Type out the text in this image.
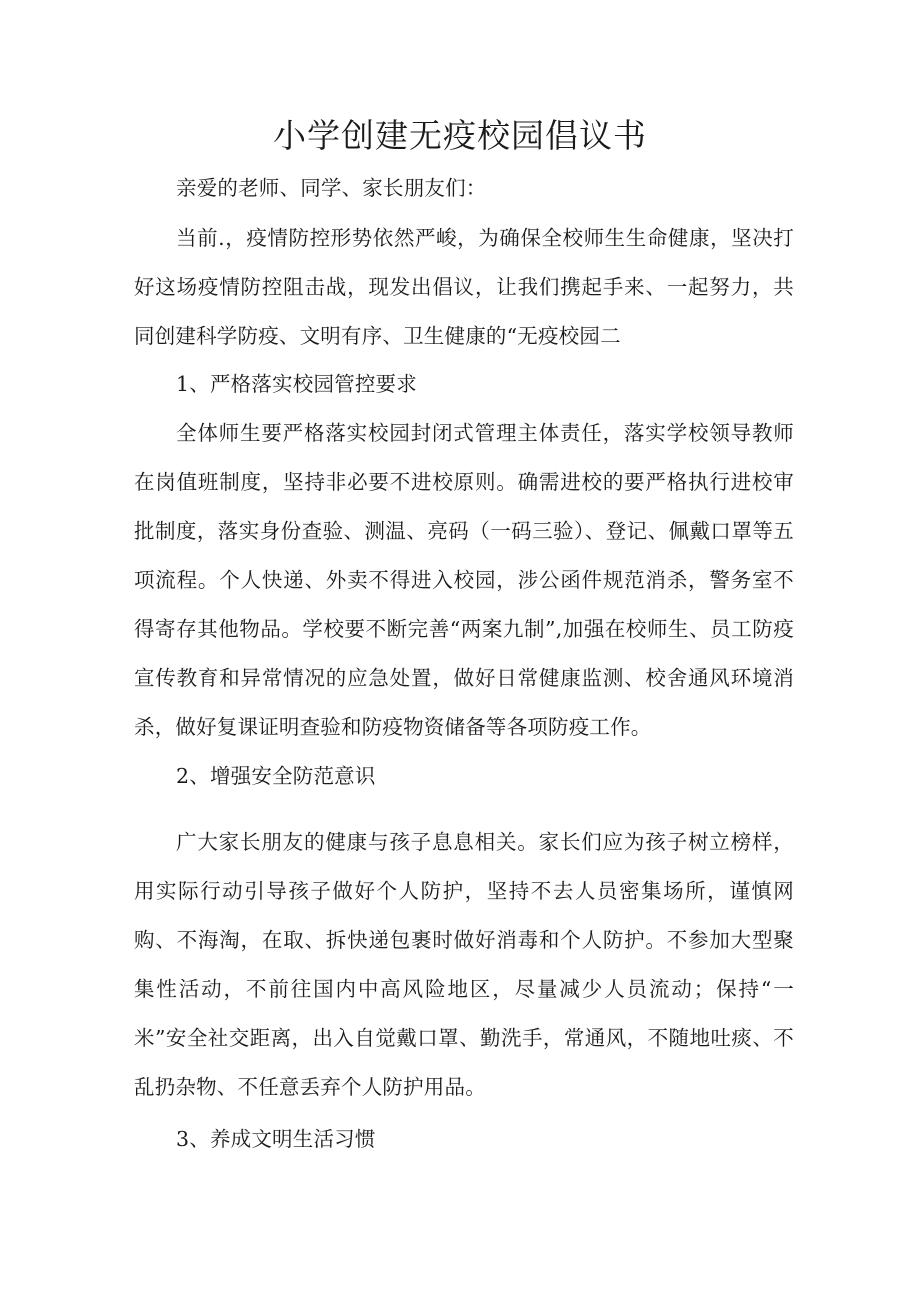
小学创建无疫校园倡议书

亲爱的老师、同学、家长朋友们：

当前.，疫情防控形势依然严峻，为确保全校师生生命健康，坚决打好这场疫情防控阻击战，现发出倡议，让我们携起手来、一起努力，共同创建科学防疫、文明有序、卫生健康的“无疫校园二

1、严格落实校园管控要求

全体师生要严格落实校园封闭式管理主体责任，落实学校领导教师在岗值班制度，坚持非必要不进校原则。确需进校的要严格执行进校审批制度，落实身份查验、测温、亮码（一码三验）、登记、佩戴口罩等五项流程。个人快递、外卖不得进入校园，涉公函件规范消杀，警务室不得寄存其他物品。学校要不断完善“两案九制”,加强在校师生、员工防疫宣传教育和异常情况的应急处置，做好日常健康监测、校舍通风环境消杀，做好复课证明查验和防疫物资储备等各项防疫工作。

2、增强安全防范意识

广大家长朋友的健康与孩子息息相关。家长们应为孩子树立榜样，用实际行动引导孩子做好个人防护，坚持不去人员密集场所，谨慎网购、不海淘，在取、拆快递包裹时做好消毒和个人防护。不参加大型聚集性活动，不前往国内中高风险地区，尽量减少人员流动；保持“一米”安全社交距离，出入自觉戴口罩、勤洗手，常通风，不随地吐痰、不乱扔杂物、不任意丢弃个人防护用品。

3、养成文明生活习惯
